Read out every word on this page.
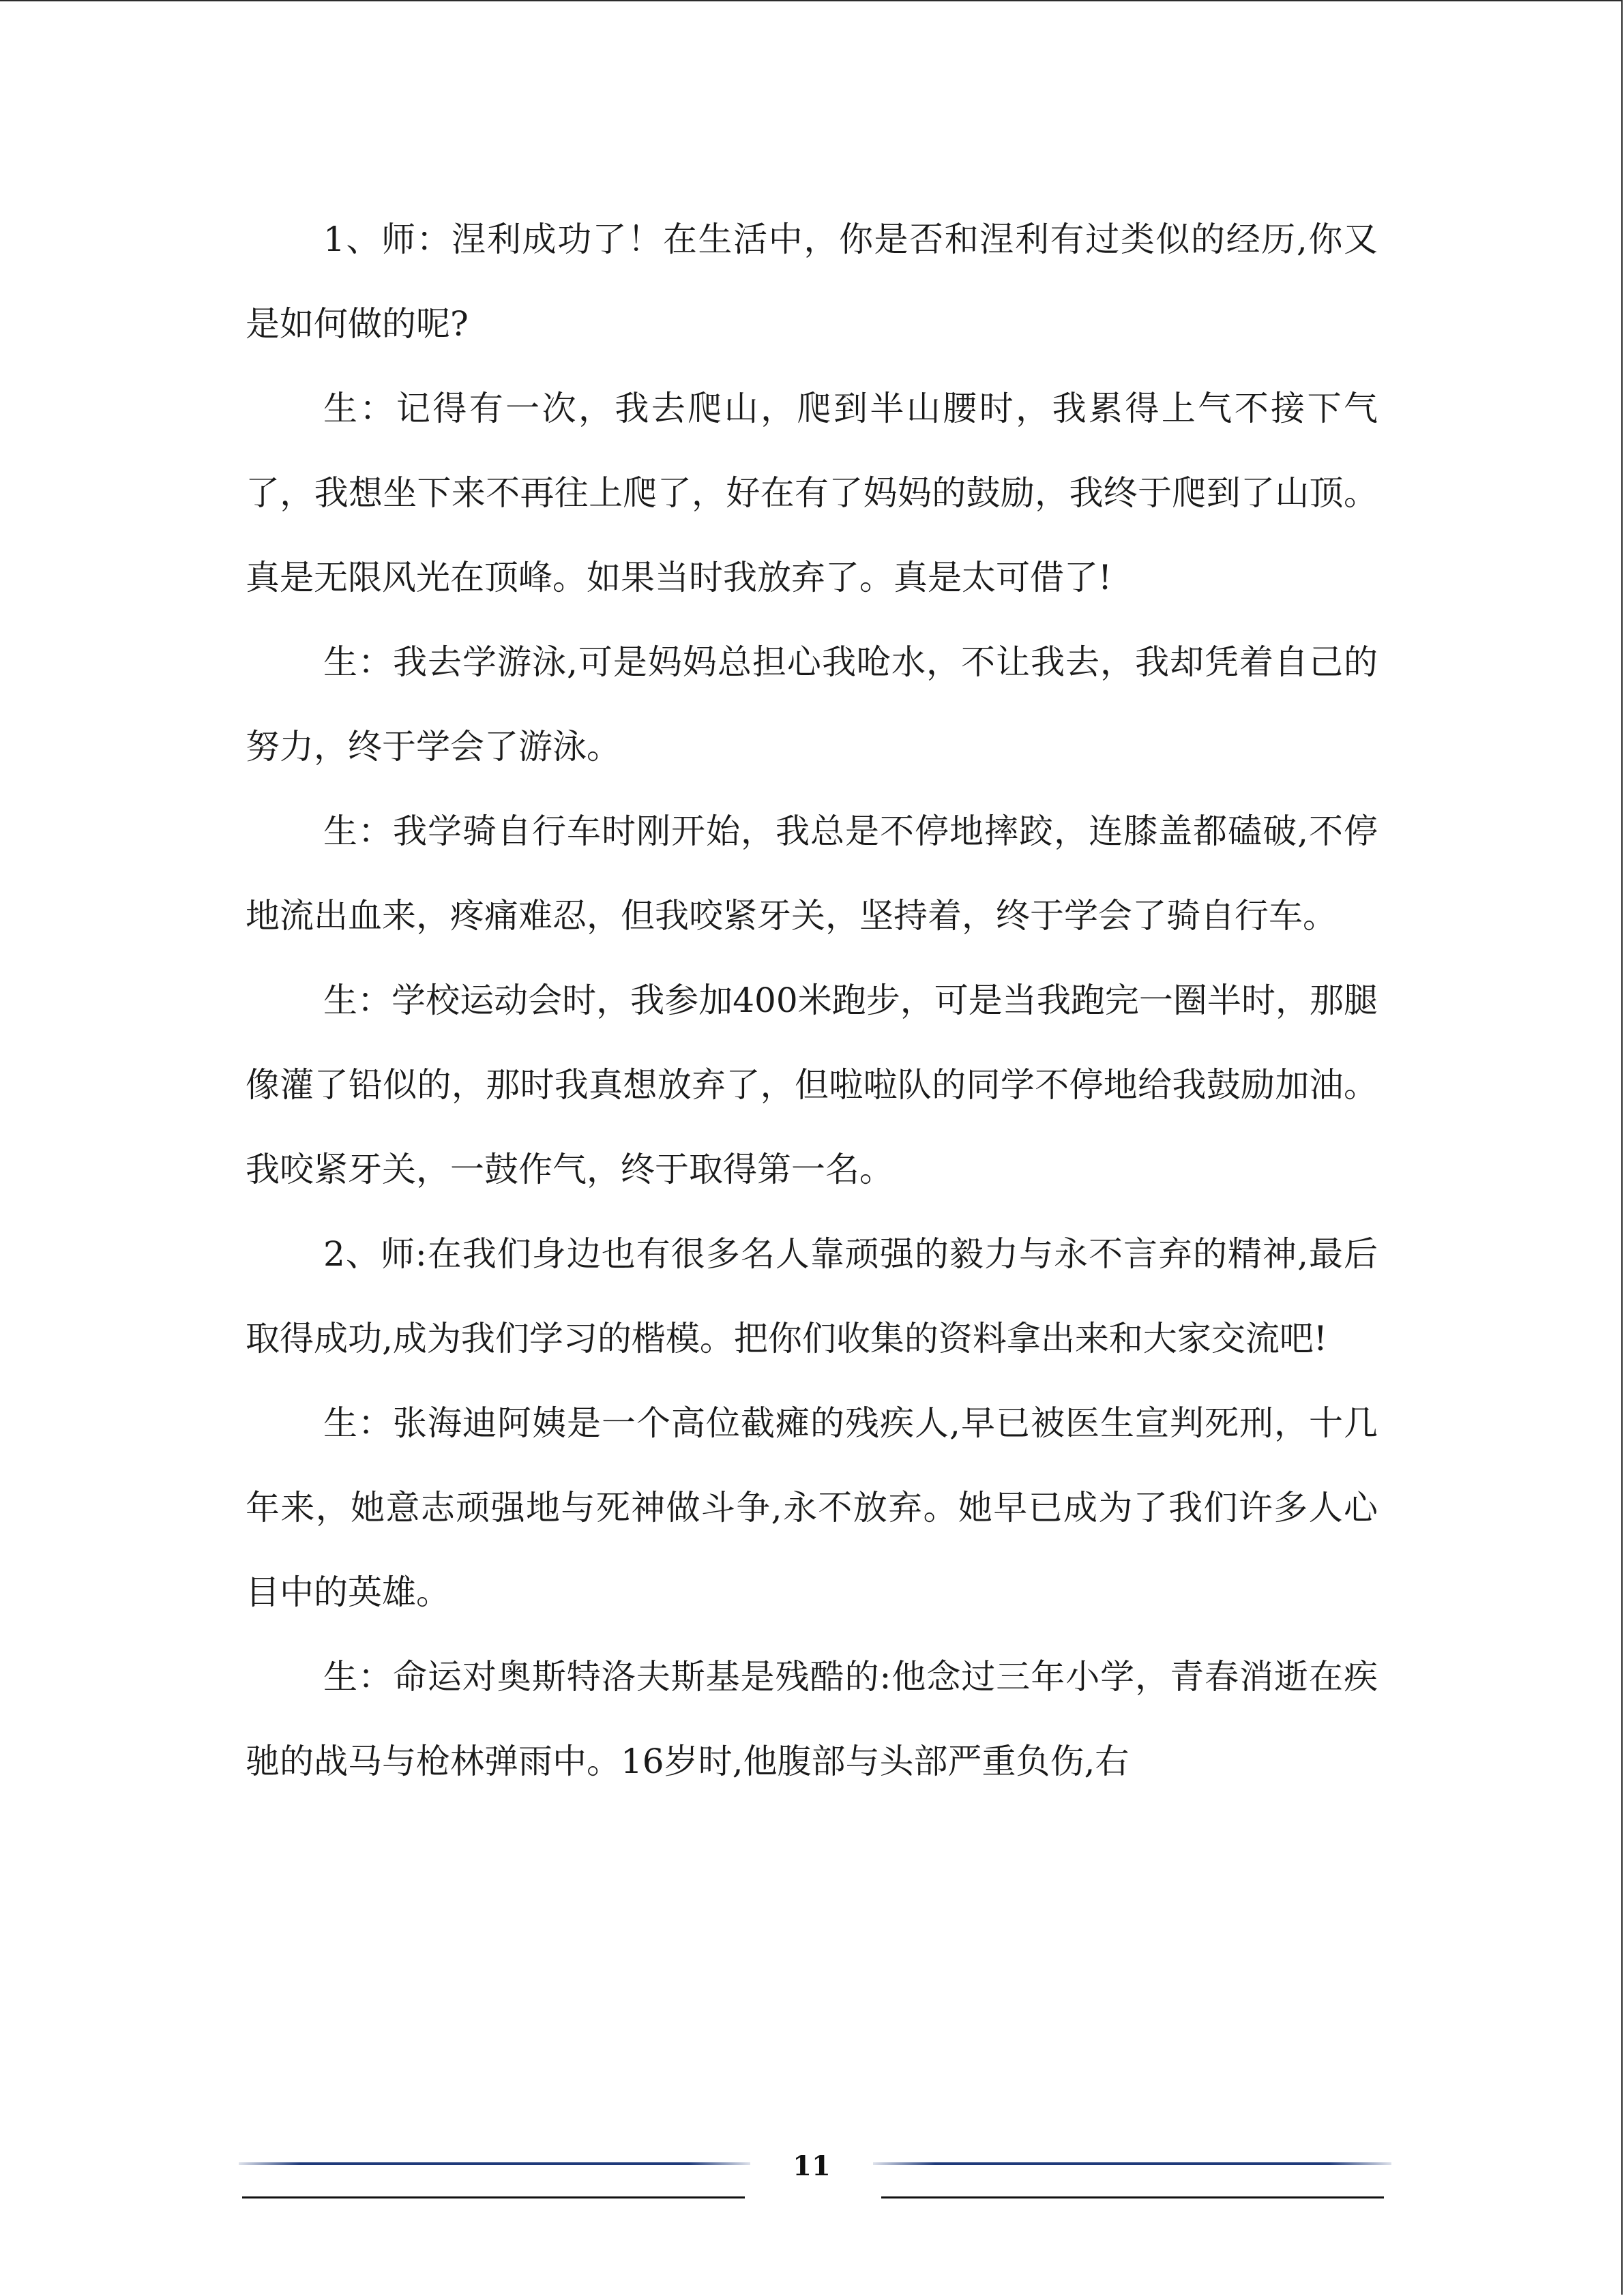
1、师：涅利成功了！在生活中，你是否和涅利有过类似的经历,你又是如何做的呢?

生：记得有一次，我去爬山，爬到半山腰时，我累得上气不接下气了，我想坐下来不再往上爬了，好在有了妈妈的鼓励，我终于爬到了山顶。真是无限风光在顶峰。如果当时我放弃了。真是太可借了!

生：我去学游泳,可是妈妈总担心我呛水，不让我去，我却凭着自己的努力，终于学会了游泳。

生：我学骑自行车时刚开始，我总是不停地摔跤，连膝盖都磕破,不停地流出血来，疼痛难忍，但我咬紧牙关，坚持着，终于学会了骑自行车。

生：学校运动会时，我参加400米跑步，可是当我跑完一圈半时，那腿像灌了铅似的，那时我真想放弃了，但啦啦队的同学不停地给我鼓励加油。我咬紧牙关，一鼓作气，终于取得第一名。

2、师:在我们身边也有很多名人靠顽强的毅力与永不言弃的精神,最后取得成功,成为我们学习的楷模。把你们收集的资料拿出来和大家交流吧!

生：张海迪阿姨是一个高位截瘫的残疾人,早已被医生宣判死刑，十几年来，她意志顽强地与死神做斗争,永不放弃。她早已成为了我们许多人心目中的英雄。

生：命运对奥斯特洛夫斯基是残酷的:他念过三年小学，青春消逝在疾驰的战马与枪林弹雨中。16岁时,他腹部与头部严重负伤,右

11
